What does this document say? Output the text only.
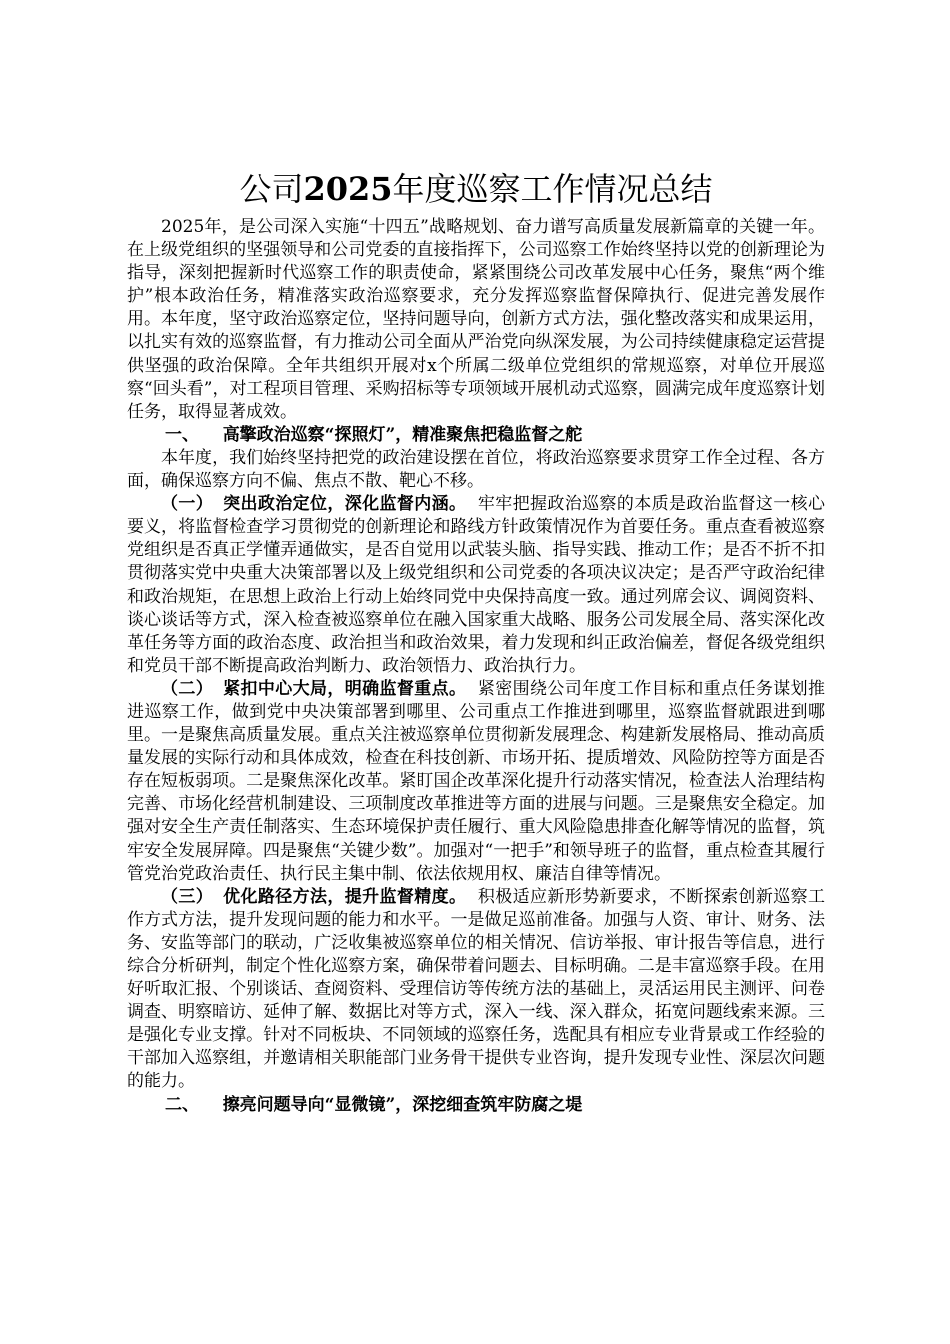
公司2025年度巡察工作情况总结

2025年，是公司深入实施“十四五”战略规划、奋力谱写高质量发展新篇章的关键一年。在上级党组织的坚强领导和公司党委的直接指挥下，公司巡察工作始终坚持以党的创新理论为指导，深刻把握新时代巡察工作的职责使命，紧紧围绕公司改革发展中心任务，聚焦“两个维护”根本政治任务，精准落实政治巡察要求，充分发挥巡察监督保障执行、促进完善发展作用。本年度，坚守政治巡察定位，坚持问题导向，创新方式方法，强化整改落实和成果运用，以扎实有效的巡察监督，有力推动公司全面从严治党向纵深发展，为公司持续健康稳定运营提供坚强的政治保障。全年共组织开展对x个所属二级单位党组织的常规巡察，对单位开展巡察“回头看”，对工程项目管理、采购招标等专项领域开展机动式巡察，圆满完成年度巡察计划任务，取得显著成效。

一、 高擎政治巡察“探照灯”，精准聚焦把稳监督之舵

本年度，我们始终坚持把党的政治建设摆在首位，将政治巡察要求贯穿工作全过程、各方面，确保巡察方向不偏、焦点不散、靶心不移。

（一） 突出政治定位，深化监督内涵。 牢牢把握政治巡察的本质是政治监督这一核心要义，将监督检查学习贯彻党的创新理论和路线方针政策情况作为首要任务。重点查看被巡察党组织是否真正学懂弄通做实，是否自觉用以武装头脑、指导实践、推动工作；是否不折不扣贯彻落实党中央重大决策部署以及上级党组织和公司党委的各项决议决定；是否严守政治纪律和政治规矩，在思想上政治上行动上始终同党中央保持高度一致。通过列席会议、调阅资料、谈心谈话等方式，深入检查被巡察单位在融入国家重大战略、服务公司发展全局、落实深化改革任务等方面的政治态度、政治担当和政治效果，着力发现和纠正政治偏差，督促各级党组织和党员干部不断提高政治判断力、政治领悟力、政治执行力。

（二） 紧扣中心大局，明确监督重点。 紧密围绕公司年度工作目标和重点任务谋划推进巡察工作，做到党中央决策部署到哪里、公司重点工作推进到哪里，巡察监督就跟进到哪里。一是聚焦高质量发展。重点关注被巡察单位贯彻新发展理念、构建新发展格局、推动高质量发展的实际行动和具体成效，检查在科技创新、市场开拓、提质增效、风险防控等方面是否存在短板弱项。二是聚焦深化改革。紧盯国企改革深化提升行动落实情况，检查法人治理结构完善、市场化经营机制建设、三项制度改革推进等方面的进展与问题。三是聚焦安全稳定。加强对安全生产责任制落实、生态环境保护责任履行、重大风险隐患排查化解等情况的监督，筑牢安全发展屏障。四是聚焦“关键少数”。加强对“一把手”和领导班子的监督，重点检查其履行管党治党政治责任、执行民主集中制、依法依规用权、廉洁自律等情况。

（三） 优化路径方法，提升监督精度。 积极适应新形势新要求，不断探索创新巡察工作方式方法，提升发现问题的能力和水平。一是做足巡前准备。加强与人资、审计、财务、法务、安监等部门的联动，广泛收集被巡察单位的相关情况、信访举报、审计报告等信息，进行综合分析研判，制定个性化巡察方案，确保带着问题去、目标明确。二是丰富巡察手段。在用好听取汇报、个别谈话、查阅资料、受理信访等传统方法的基础上，灵活运用民主测评、问卷调查、明察暗访、延伸了解、数据比对等方式，深入一线、深入群众，拓宽问题线索来源。三是强化专业支撑。针对不同板块、不同领域的巡察任务，选配具有相应专业背景或工作经验的干部加入巡察组，并邀请相关职能部门业务骨干提供专业咨询，提升发现专业性、深层次问题的能力。

二、 擦亮问题导向“显微镜”，深挖细查筑牢防腐之堤
